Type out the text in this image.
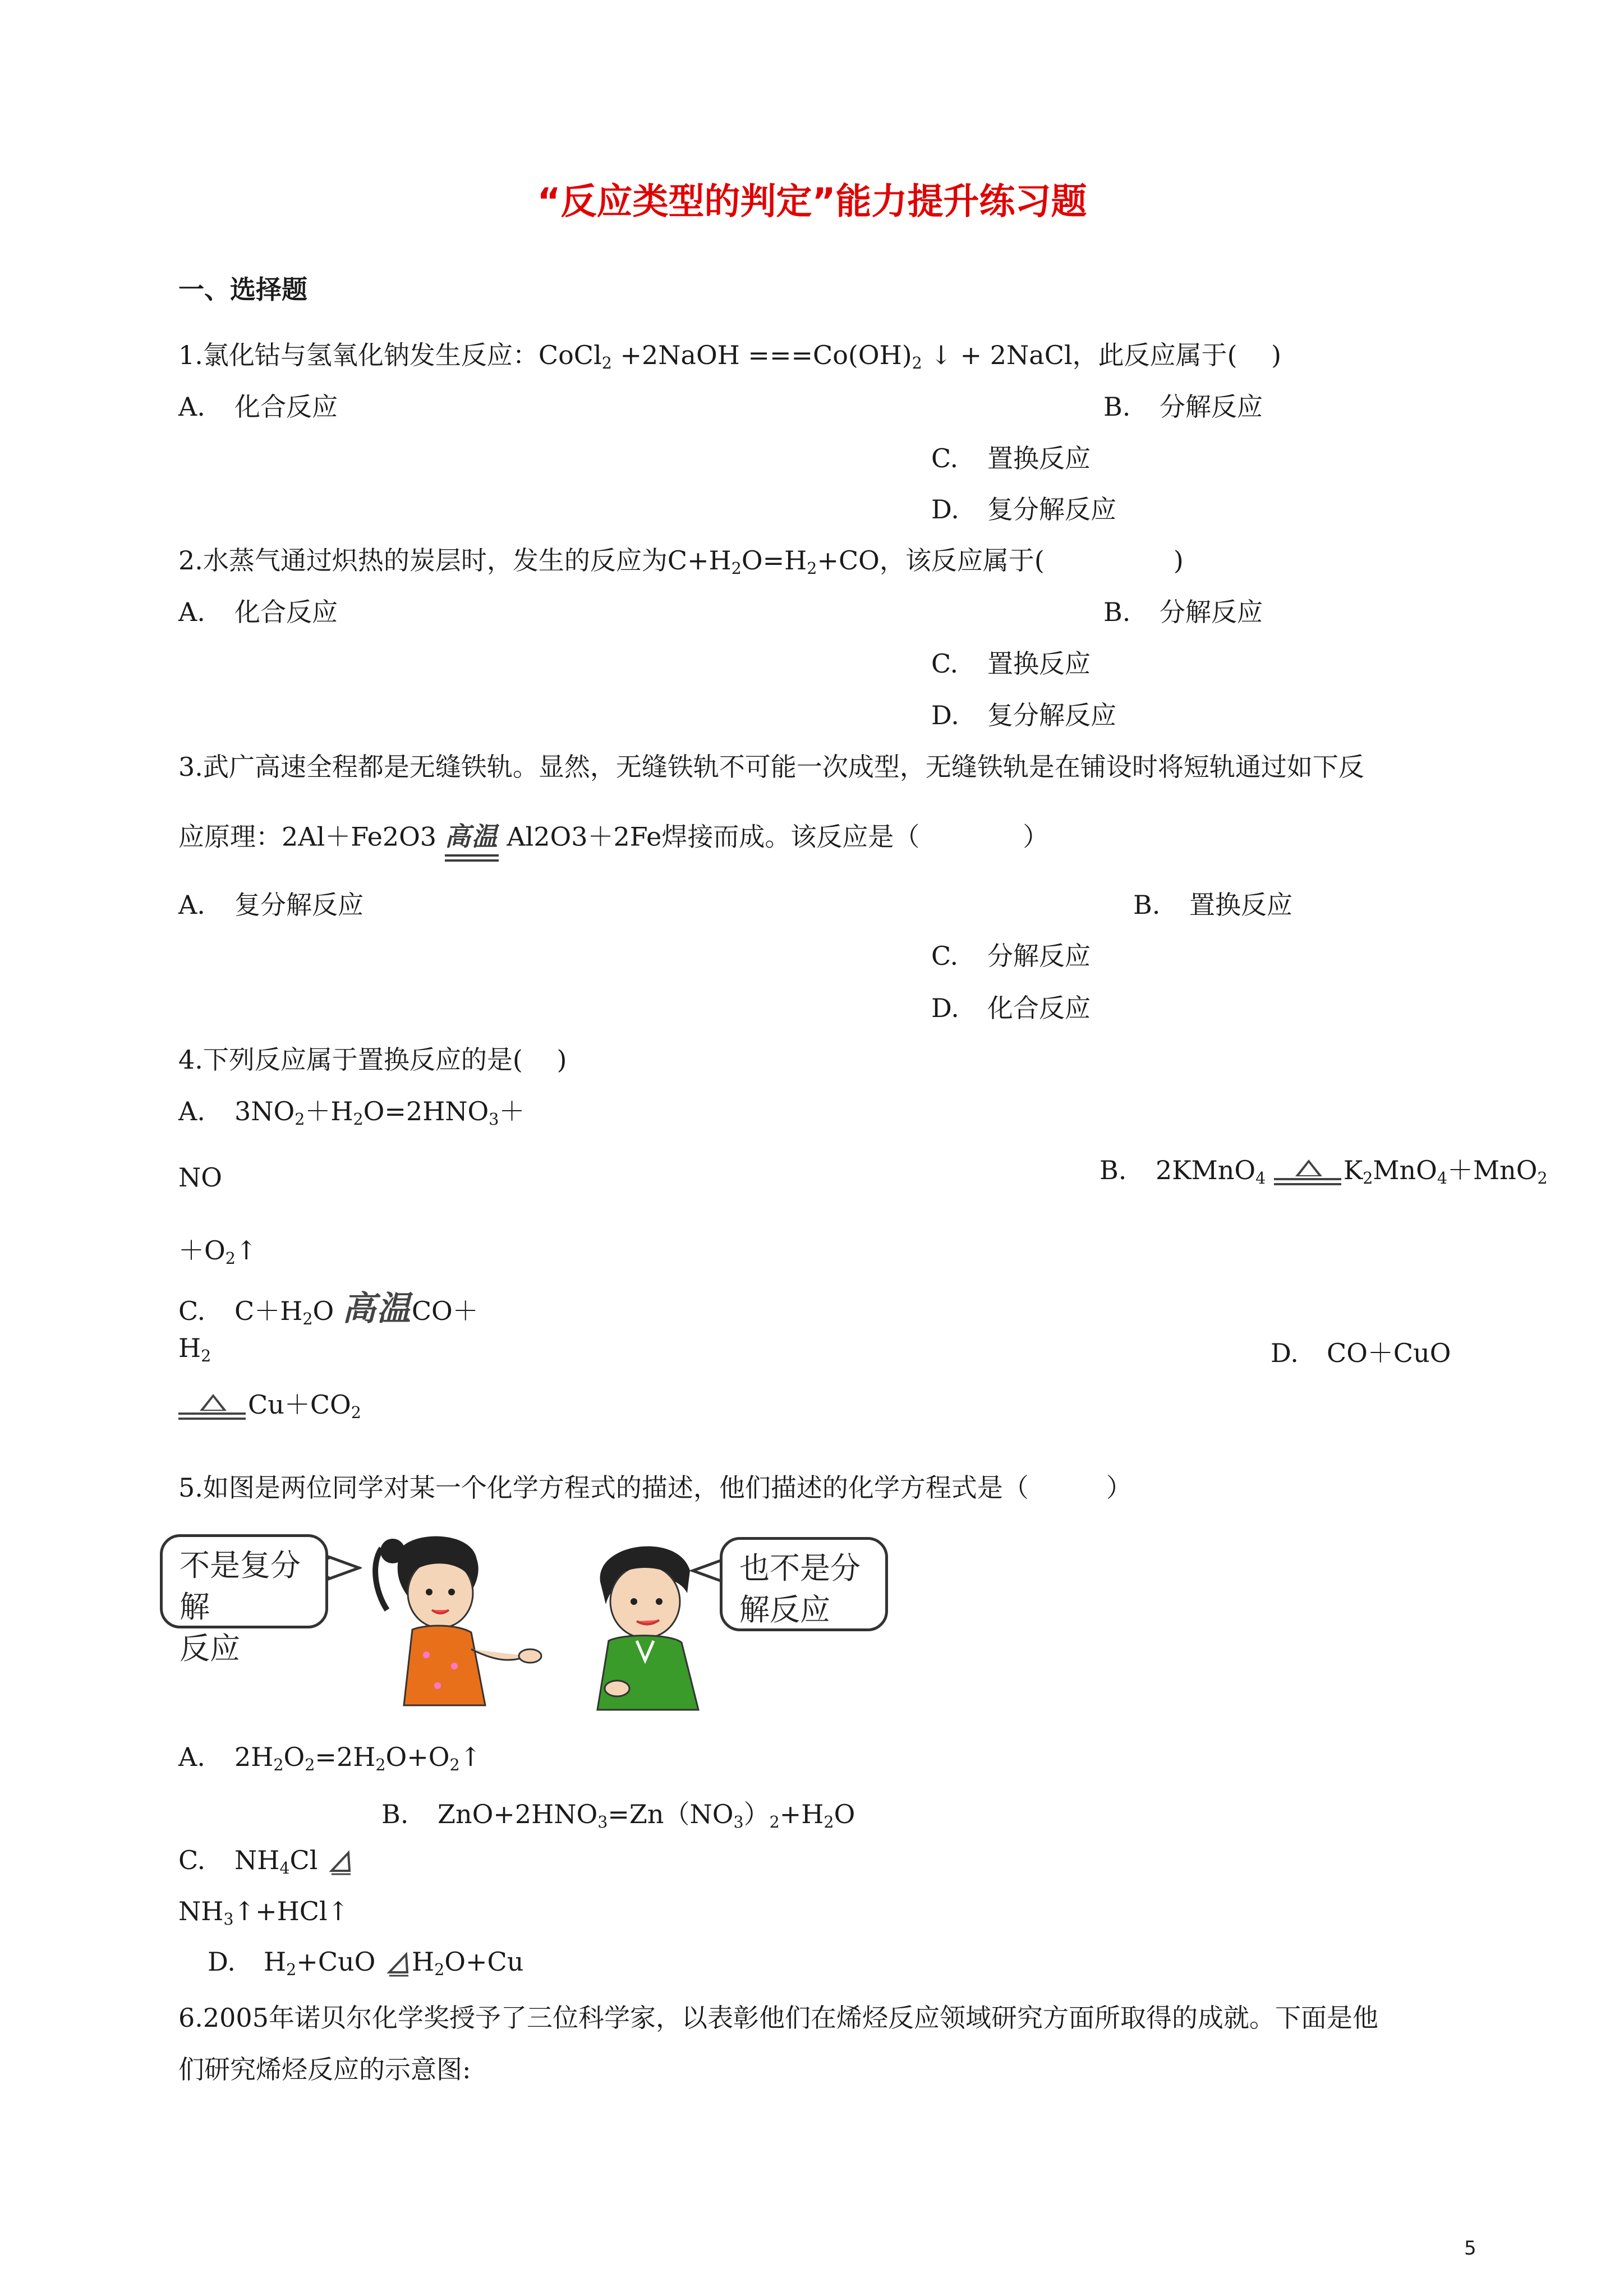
“反应类型的判定”能力提升练习题
一、选择题
1.氯化钴与氢氧化钠发生反应：CoCl$_2$ +2NaOH $===Co(OH)_2$ ↓ + 2NaCl，此反应属于(　 )
A. 化合反应	B. 分解反应
C. 置换反应
D. 复分解反应
2.水蒸气通过炽热的炭层时，发生的反应为$C+H_2O=H_2+CO$，该反应属于(　　　　　)
A. 化合反应	B. 分解反应
C. 置换反应
D. 复分解反应
3.武广高速全程都是无缝铁轨。显然，无缝铁轨不可能一次成型，无缝铁轨是在铺设时将短轨通过如下反
应原理：2Al＋Fe2O3 高温
Al2O3＋2Fe焊接而成。该反应是（　　　　）
A. 复分解反应	B. 置换反应
C. 分解反应
D. 化合反应
4.下列反应属于置换反应的是(　 )
A. $3NO_2+H_2O=2HNO_3+$
NO	B. 2KMnO$_4$	$K_2MnO_4+MnO_2$
$+O_2↑$
C. $C+H_2O$ 高温CO＋
$H_2$	D. CO＋CuO
$Cu+CO_2$
5.如图是两位同学对某一个化学方程式的描述，他们描述的化学方程式是（　　　）
不是复分解
反应
也不是分
解反应
A. $2H_2O_2=2H_2O+O_2↑$
B. $ZnO+2HNO_3=Zn(NO_3)_2+H_2O$
C. $NH_4Cl$
$NH_3↑+HCl↑$
D. $H_2+CuO$ $H_2O+Cu$
6.2005年诺贝尔化学奖授予了三位科学家，以表彰他们在烯烃反应领域研究方面所取得的成就。下面是他
们研究烯烃反应的示意图:
5
